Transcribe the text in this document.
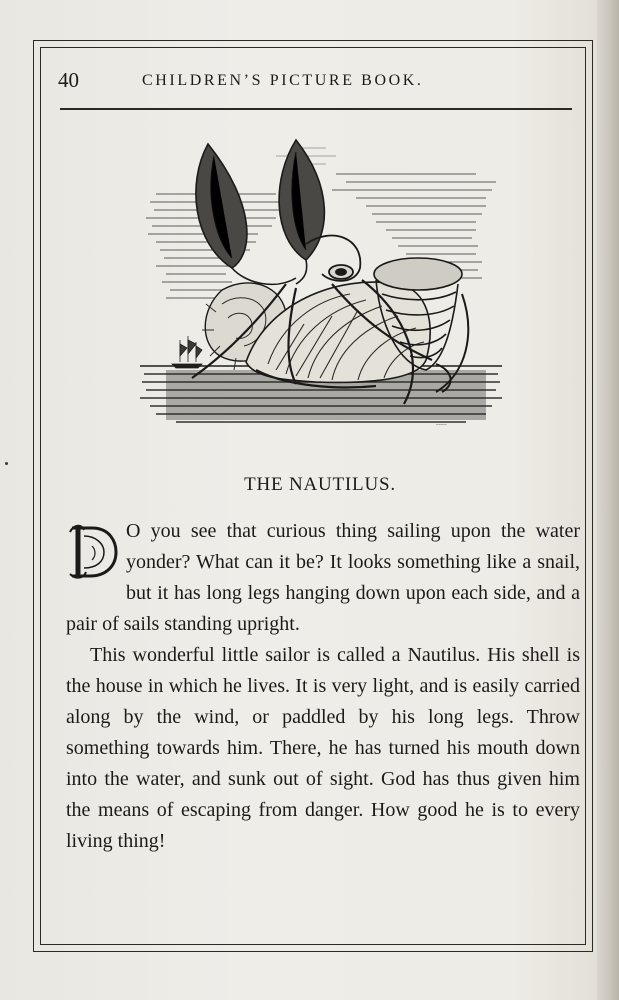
40	CHILDREN’S PICTURE BOOK.
~~~~
THE NAUTILUS.

O you see that curious thing sailing upon the water yonder? What can it be? It looks something like a snail, but it has long legs hanging down upon each side, and a pair of sails standing upright.

This wonderful little sailor is called a Nautilus. His shell is the house in which he lives. It is very light, and is easily carried along by the wind, or paddled by his long legs. Throw something towards him. There, he has turned his mouth down into the water, and sunk out of sight. God has thus given him the means of escaping from danger. How good he is to every living thing!
